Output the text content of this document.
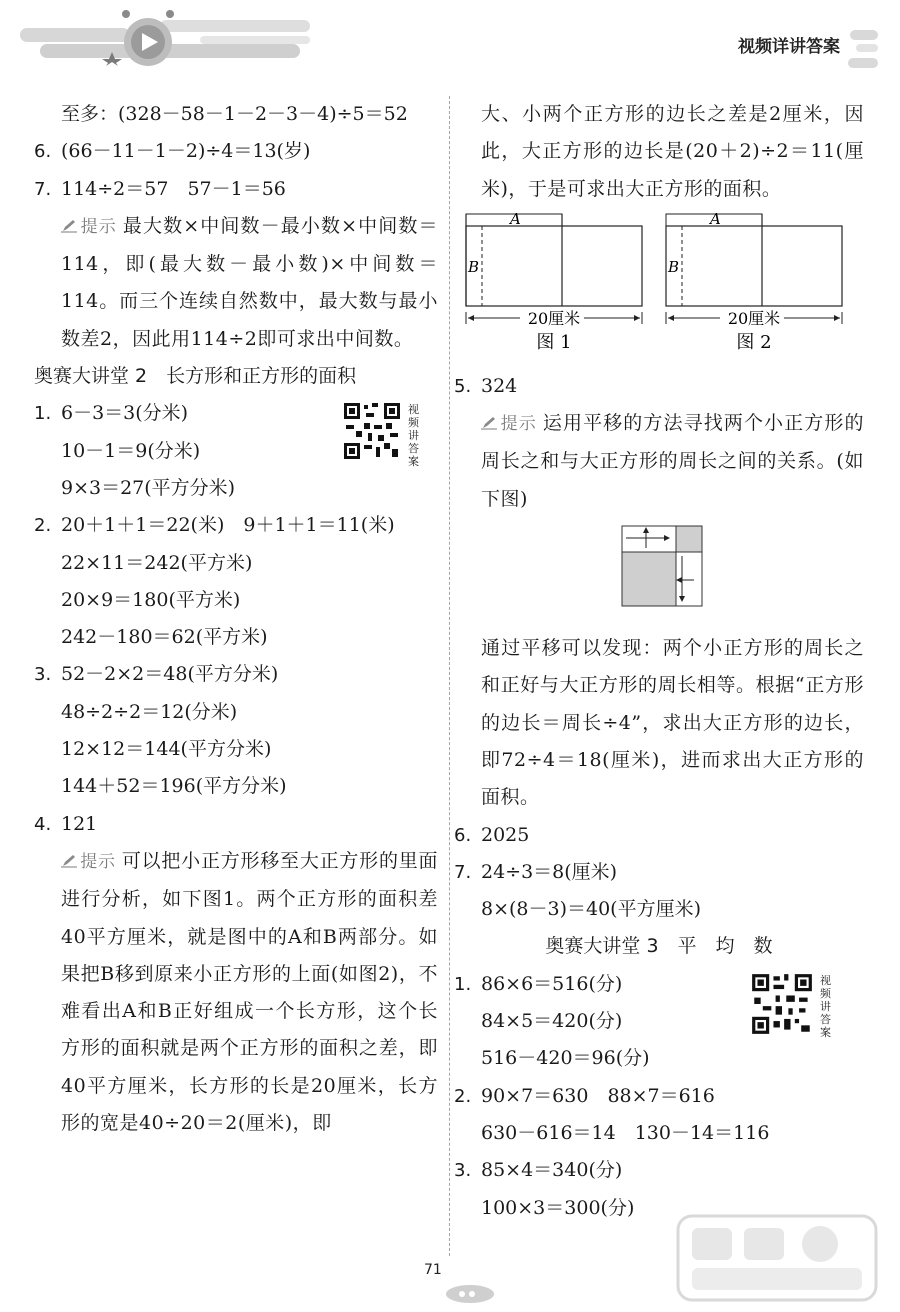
视频详讲答案
至多：(328－58－1－2－3－4)÷5＝52
6. (66－11－1－2)÷4＝13(岁)
7. 114÷2＝57　57－1＝56
提示 最大数×中间数－最小数×中间数＝114，即(最大数－最小数)×中间数＝114。而三个连续自然数中，最大数与最小数差2，因此用114÷2即可求出中间数。
奥赛大讲堂 2　长方形和正方形的面积
视频讲答案
1. 6－3＝3(分米)
10－1＝9(分米)
9×3＝27(平方分米)
2. 20＋1＋1＝22(米)　9＋1＋1＝11(米)
22×11＝242(平方米)
20×9＝180(平方米)
242－180＝62(平方米)
3. 52－2×2＝48(平方分米)
48÷2÷2＝12(分米)
12×12＝144(平方分米)
144＋52＝196(平方分米)
4. 121
提示 可以把小正方形移至大正方形的里面进行分析，如下图1。两个正方形的面积差40平方厘米，就是图中的A和B两部分。如果把B移到原来小正方形的上面(如图2)，不难看出A和B正好组成一个长方形，这个长方形的面积就是两个正方形的面积之差，即40平方厘米，长方形的长是20厘米，长方形的宽是40÷20＝2(厘米)，即
大、小两个正方形的边长之差是2厘米，因此，大正方形的边长是(20＋2)÷2＝11(厘米)，于是可求出大正方形的面积。
A
B
20厘米
图 1
A
B
20厘米
图 2
5. 324
提示 运用平移的方法寻找两个小正方形的周长之和与大正方形的周长之间的关系。(如下图)
通过平移可以发现：两个小正方形的周长之和正好与大正方形的周长相等。根据“正方形的边长＝周长÷4”，求出大正方形的边长，即72÷4＝18(厘米)，进而求出大正方形的面积。
6. 2025
7. 24÷3＝8(厘米)
8×(8－3)＝40(平方厘米)
奥赛大讲堂 3　平　均　数
视频讲答案
1. 86×6＝516(分)
84×5＝420(分)
516－420＝96(分)
2. 90×7＝630　88×7＝616
630－616＝14　130－14＝116
3. 85×4＝340(分)
100×3＝300(分)
71
